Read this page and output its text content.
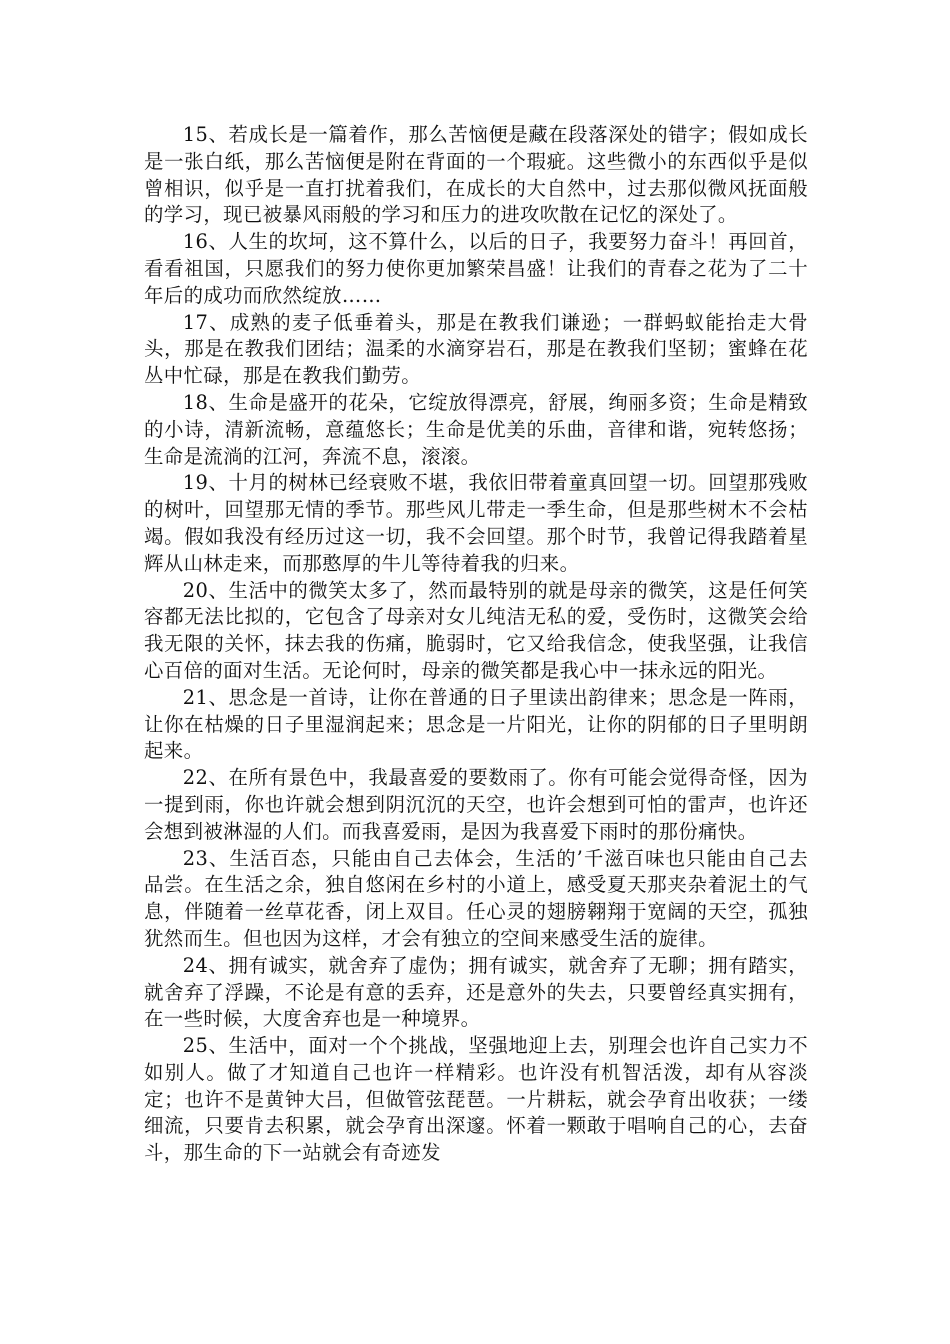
15、若成长是一篇着作，那么苦恼便是藏在段落深处的错字；假如成长是一张白纸，那么苦恼便是附在背面的一个瑕疵。这些微小的东西似乎是似曾相识，似乎是一直打扰着我们，在成长的大自然中，过去那似微风抚面般的学习，现已被暴风雨般的学习和压力的进攻吹散在记忆的深处了。

16、人生的坎坷，这不算什么，以后的日子，我要努力奋斗！再回首，看看祖国，只愿我们的努力使你更加繁荣昌盛！让我们的青春之花为了二十年后的成功而欣然绽放……

17、成熟的麦子低垂着头，那是在教我们谦逊；一群蚂蚁能抬走大骨头，那是在教我们团结；温柔的水滴穿岩石，那是在教我们坚韧；蜜蜂在花丛中忙碌，那是在教我们勤劳。

18、生命是盛开的花朵，它绽放得漂亮，舒展，绚丽多资；生命是精致的小诗，清新流畅，意蕴悠长；生命是优美的乐曲，音律和谐，宛转悠扬；生命是流淌的江河，奔流不息，滚滚。

19、十月的树林已经衰败不堪，我依旧带着童真回望一切。回望那残败的树叶，回望那无情的季节。那些风儿带走一季生命，但是那些树木不会枯竭。假如我没有经历过这一切，我不会回望。那个时节，我曾记得我踏着星辉从山林走来，而那憨厚的牛儿等待着我的归来。

20、生活中的微笑太多了，然而最特别的就是母亲的微笑，这是任何笑容都无法比拟的，它包含了母亲对女儿纯洁无私的爱，受伤时，这微笑会给我无限的关怀，抹去我的伤痛，脆弱时，它又给我信念，使我坚强，让我信心百倍的面对生活。无论何时，母亲的微笑都是我心中一抹永远的阳光。

21、思念是一首诗，让你在普通的日子里读出韵律来；思念是一阵雨，让你在枯燥的日子里湿润起来；思念是一片阳光，让你的阴郁的日子里明朗起来。

22、在所有景色中，我最喜爱的要数雨了。你有可能会觉得奇怪，因为一提到雨，你也许就会想到阴沉沉的天空，也许会想到可怕的雷声，也许还会想到被淋湿的人们。而我喜爱雨，是因为我喜爱下雨时的那份痛快。

23、生活百态，只能由自己去体会，生活的’千滋百味也只能由自己去品尝。在生活之余，独自悠闲在乡村的小道上，感受夏天那夹杂着泥土的气息，伴随着一丝草花香，闭上双目。任心灵的翅膀翱翔于宽阔的天空，孤独犹然而生。但也因为这样，才会有独立的空间来感受生活的旋律。

24、拥有诚实，就舍弃了虚伪；拥有诚实，就舍弃了无聊；拥有踏实，就舍弃了浮躁，不论是有意的丢弃，还是意外的失去，只要曾经真实拥有，在一些时候，大度舍弃也是一种境界。

25、生活中，面对一个个挑战，坚强地迎上去，别理会也许自己实力不如别人。做了才知道自己也许一样精彩。也许没有机智活泼，却有从容淡定；也许不是黄钟大吕，但做管弦琵琶。一片耕耘，就会孕育出收获；一缕细流，只要肯去积累，就会孕育出深邃。怀着一颗敢于唱响自己的心，去奋斗，那生命的下一站就会有奇迹发
